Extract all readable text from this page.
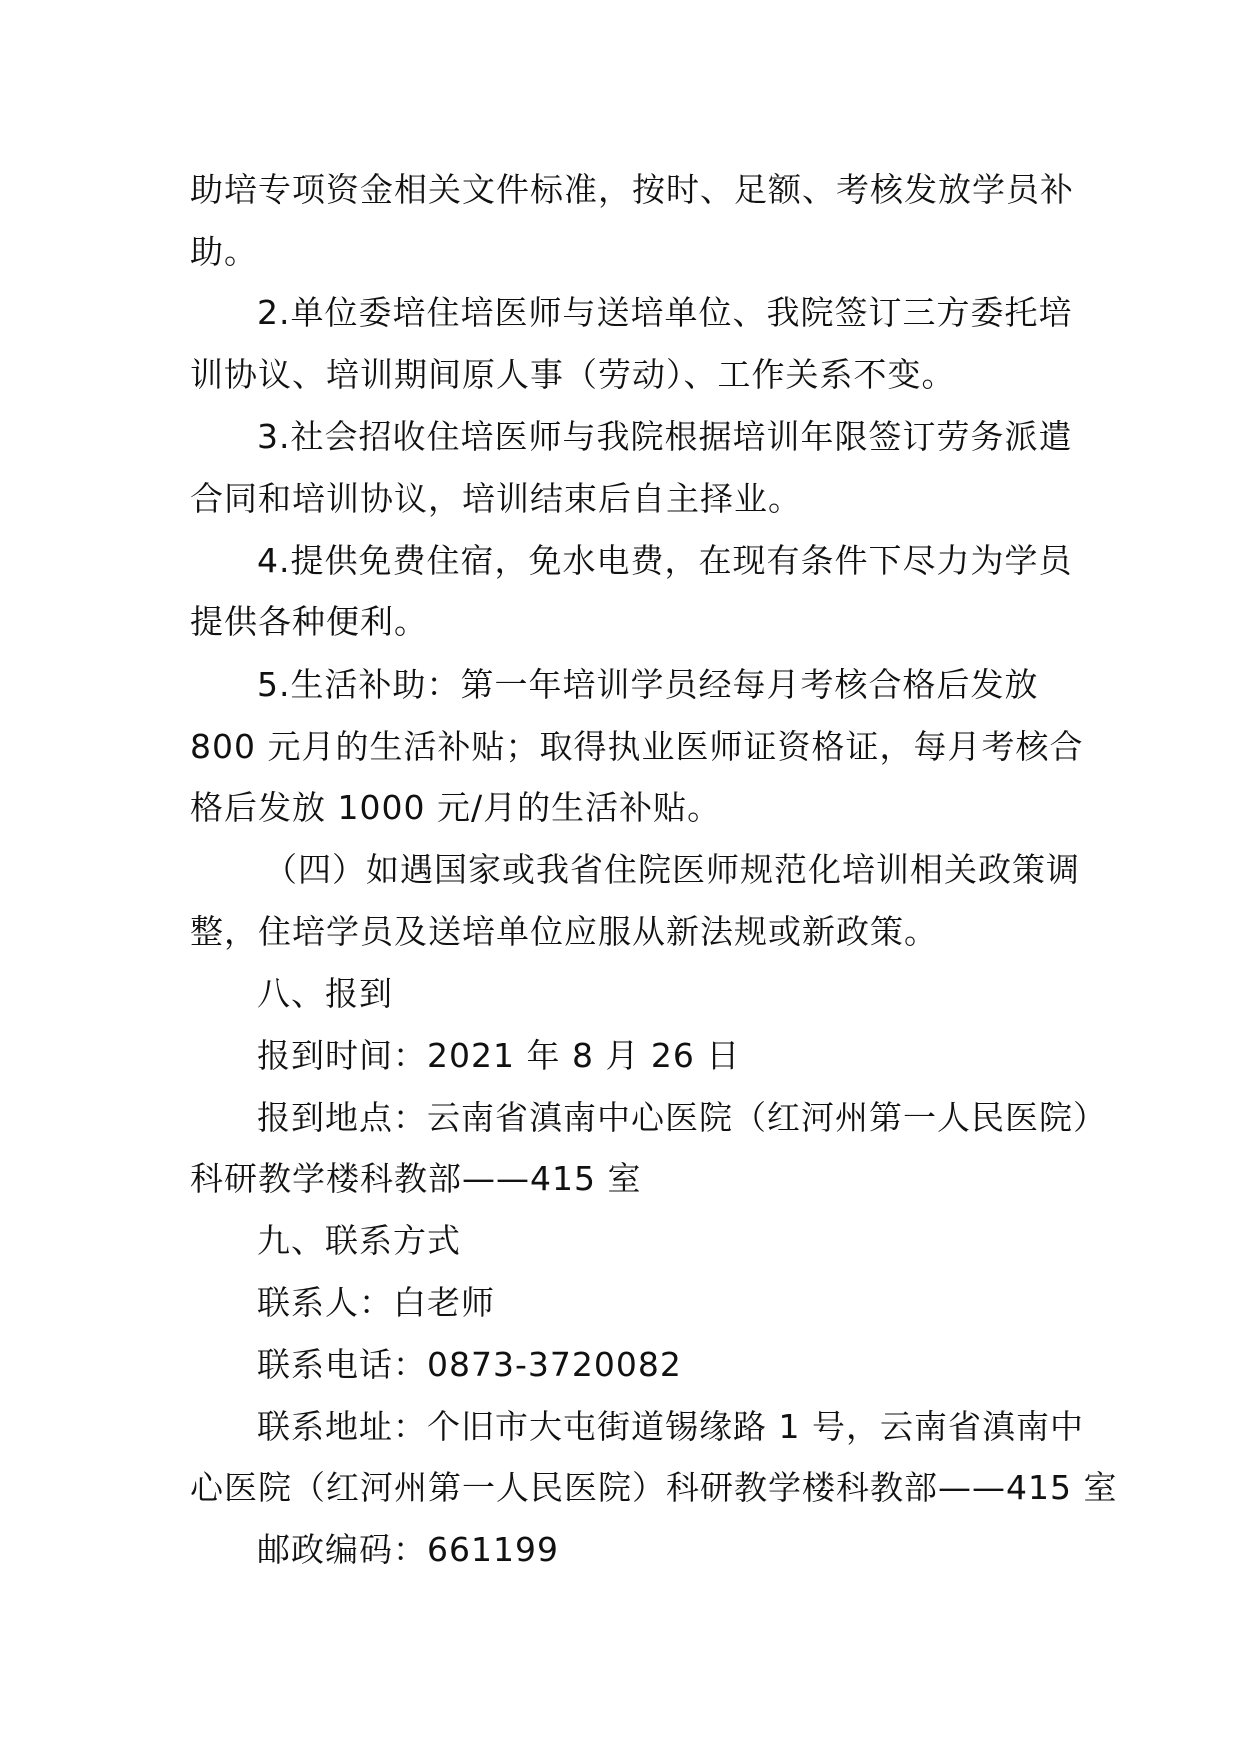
助培专项资金相关文件标准，按时、足额、考核发放学员补
助。
2.单位委培住培医师与送培单位、我院签订三方委托培
训协议、培训期间原人事（劳动）、工作关系不变。
3.社会招收住培医师与我院根据培训年限签订劳务派遣
合同和培训协议，培训结束后自主择业。
4.提供免费住宿，免水电费，在现有条件下尽力为学员
提供各种便利。
5.生活补助：第一年培训学员经每月考核合格后发放
800 元月的生活补贴；取得执业医师证资格证，每月考核合
格后发放 1000 元/月的生活补贴。
（四）如遇国家或我省住院医师规范化培训相关政策调
整，住培学员及送培单位应服从新法规或新政策。
八、报到
报到时间：2021 年 8 月 26 日
报到地点：云南省滇南中心医院（红河州第一人民医院）
科研教学楼科教部——415 室
九、联系方式
联系人：白老师
联系电话：0873-3720082
联系地址：个旧市大屯街道锡缘路 1 号，云南省滇南中
心医院（红河州第一人民医院）科研教学楼科教部——415 室
邮政编码：661199
